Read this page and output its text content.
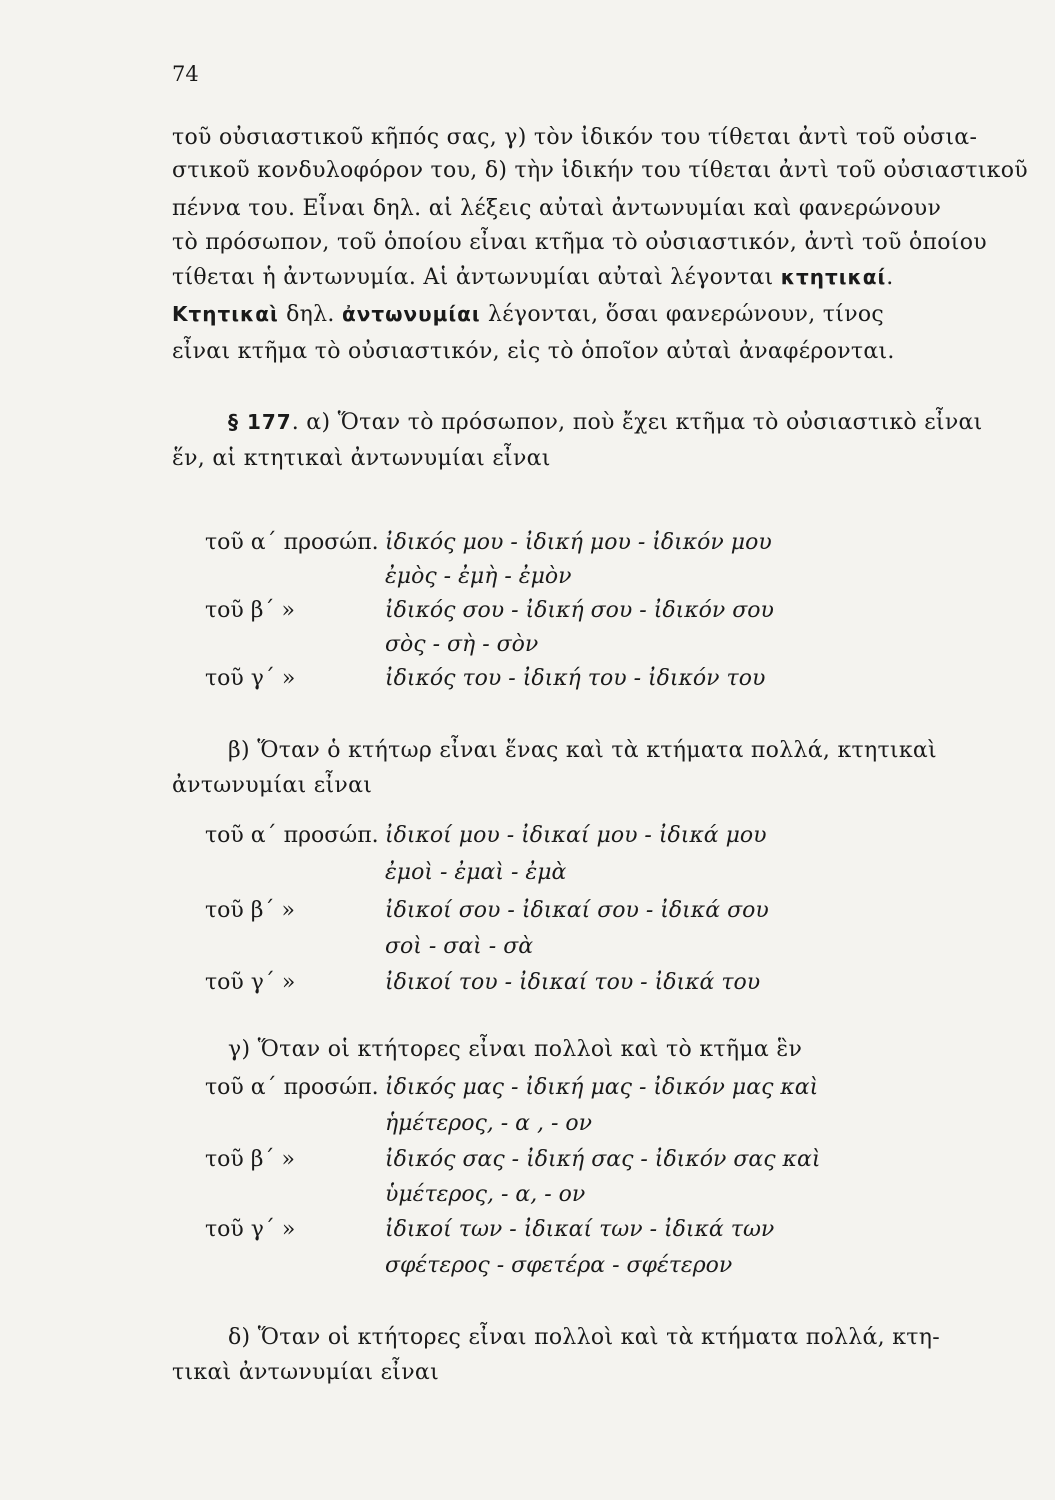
74
τοῦ οὐσιαστικοῦ κῆπός σας, γ) τὸν ἰδικόν του τίθεται ἀντὶ τοῦ οὐσια-
στικοῦ κονδυλοφόρον του, δ) τὴν ἰδικήν του τίθεται ἀντὶ τοῦ οὐσιαστικοῦ
πέννα του. Εἶναι δηλ. αἱ λέξεις αὐταὶ ἀντωνυμίαι καὶ φανερώνουν
τὸ πρόσωπον, τοῦ ὁποίου εἶναι κτῆμα τὸ οὐσιαστικόν, ἀντὶ τοῦ ὁποίου
τίθεται ἡ ἀντωνυμία. Αἱ ἀντωνυμίαι αὐταὶ λέγονται κτητικαί.
Κτητικαὶ δηλ. ἀντωνυμίαι λέγονται, ὅσαι φανερώνουν, τίνος
εἶναι κτῆμα τὸ οὐσιαστικόν, εἰς τὸ ὁποῖον αὐταὶ ἀναφέρονται.
§ 177. α) Ὅταν τὸ πρόσωπον, ποὺ ἔχει κτῆμα τὸ οὐσιαστικὸ εἶναι
ἕν, αἱ κτητικαὶ ἀντωνυμίαι εἶναι
τοῦ α΄ προσώπ. ἰδικός μου - ἰδική μου - ἰδικόν μου
ἐμὸς - ἐμὴ - ἐμὸν
τοῦ β΄ »	ἰδικός σου - ἰδική σου - ἰδικόν σου
σὸς - σὴ - σὸν
τοῦ γ΄ »	ἰδικός του - ἰδική του - ἰδικόν του
β) Ὅταν ὁ κτήτωρ εἶναι ἕνας καὶ τὰ κτήματα πολλά, κτητικαὶ
ἀντωνυμίαι εἶναι
τοῦ α΄ προσώπ. ἰδικοί μου - ἰδικαί μου - ἰδικά μου
ἐμοὶ - ἐμαὶ - ἐμὰ
τοῦ β΄ »	ἰδικοί σου - ἰδικαί σου - ἰδικά σου
σοὶ - σαὶ - σὰ
τοῦ γ΄ »	ἰδικοί του - ἰδικαί του - ἰδικά του
γ) Ὅταν οἱ κτήτορες εἶναι πολλοὶ καὶ τὸ κτῆμα ἓν
τοῦ α΄ προσώπ. ἰδικός μας - ἰδική μας - ἰδικόν μας καὶ
ἡμέτερος, - α , - ον
τοῦ β΄ »	ἰδικός σας - ἰδική σας - ἰδικόν σας καὶ
ὑμέτερος, - α, - ον
τοῦ γ΄ »	ἰδικοί των - ἰδικαί των - ἰδικά των
σφέτερος - σφετέρα - σφέτερον
δ) Ὅταν οἱ κτήτορες εἶναι πολλοὶ καὶ τὰ κτήματα πολλά, κτη-
τικαὶ ἀντωνυμίαι εἶναι
